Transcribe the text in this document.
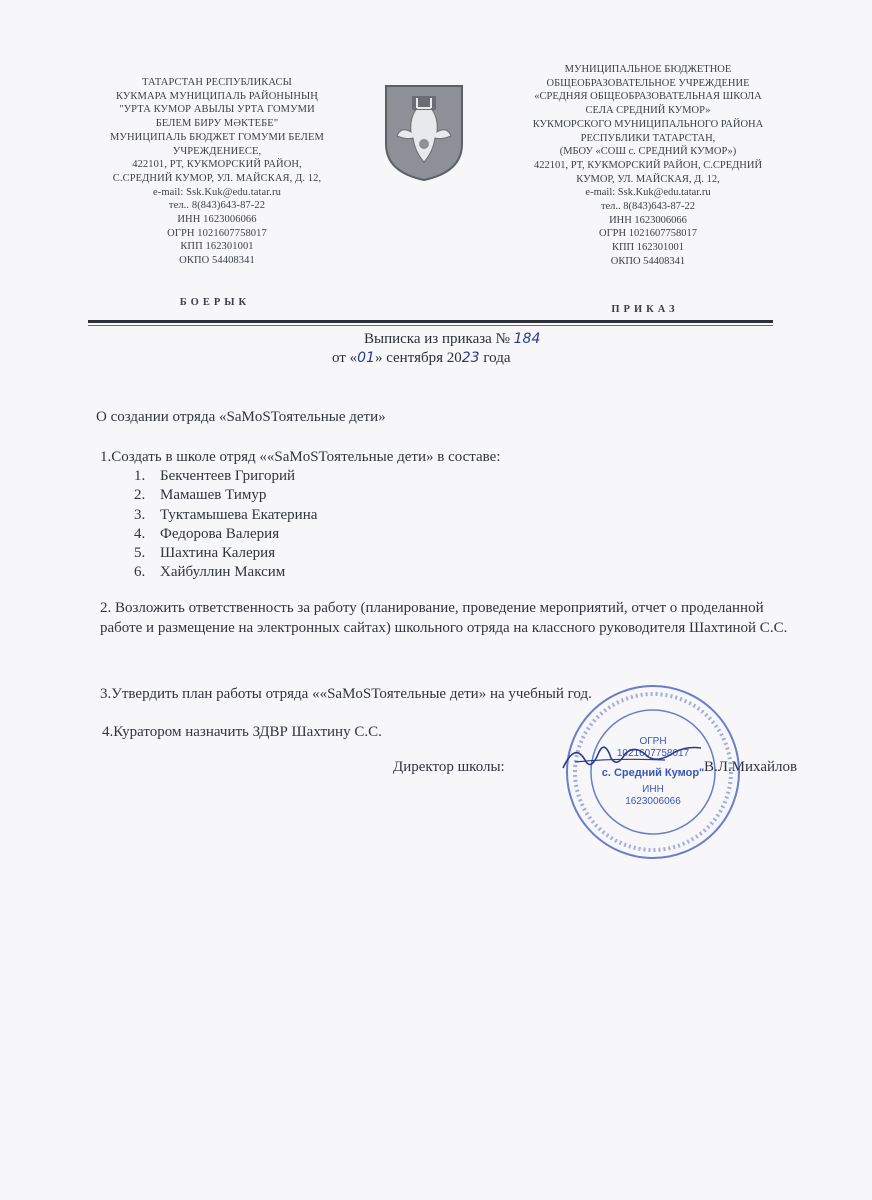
ТАТАРСТАН РЕСПУБЛИКАСЫ
КУКМАРА МУНИЦИПАЛЬ РАЙОНЫНЫҢ
"УРТА КУМОР АВЫЛЫ УРТА ГОМУМИ
БЕЛЕМ БИРУ МӘКТЕБЕ"
МУНИЦИПАЛЬ БЮДЖЕТ ГОМУМИ БЕЛЕМ
УЧРЕЖДЕНИЕСЕ,
422101, РТ, КУКМОРСКИЙ РАЙОН,
С.СРЕДНИЙ КУМОР, УЛ. МАЙСКАЯ, Д. 12,
e-mail: Ssk.Kuk@edu.tatar.ru
тел.. 8(843)643-87-22
ИНН 1623006066
ОГРН 1021607758017
КПП 162301001
ОКПО 54408341
МУНИЦИПАЛЬНОЕ БЮДЖЕТНОЕ
ОБЩЕОБРАЗОВАТЕЛЬНОЕ УЧРЕЖДЕНИЕ
«СРЕДНЯЯ ОБЩЕОБРАЗОВАТЕЛЬНАЯ ШКОЛА
СЕЛА СРЕДНИЙ КУМОР»
КУКМОРСКОГО МУНИЦИПАЛЬНОГО РАЙОНА
РЕСПУБЛИКИ ТАТАРСТАН,
(МБОУ «СОШ с. СРЕДНИЙ КУМОР»)
422101, РТ, КУКМОРСКИЙ РАЙОН, С.СРЕДНИЙ
КУМОР, УЛ. МАЙСКАЯ, Д. 12,
e-mail: Ssk.Kuk@edu.tatar.ru
тел.. 8(843)643-87-22
ИНН 1623006066
ОГРН 1021607758017
КПП 162301001
ОКПО 54408341
БОЕРЫК
ПРИКАЗ
Выписка из приказа № 184
от «01» сентября 2023 года
О создании отряда «SaMoSToятельные дети»
1.Создать в школе отряд ««SaMoSToятельные дети» в составе:
1. Бекчентеев Григорий
2. Мамашев Тимур
3. Туктамышева Екатерина
4. Федорова Валерия
5. Шахтина Калерия
6. Хайбуллин Максим
2. Возложить ответственность за работу (планирование, проведение мероприятий, отчет о проделанной работе и размещение на электронных сайтах) школьного отряда на классного руководителя Шахтиной С.С.
3.Утвердить план работы отряда ««SaMoSToятельные дети» на учебный год.
4.Куратором назначить ЗДВР Шахтину С.С.
ОГРН
1021607758017
с. Средний Кумор"
ИНН
1623006066
Директор школы:	В.Л.Михайлов
